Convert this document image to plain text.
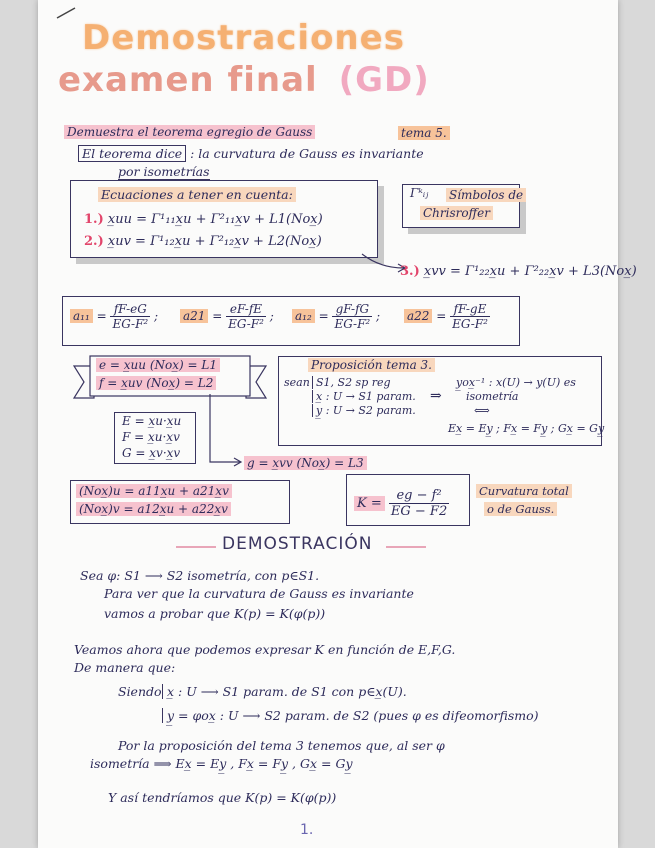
Demostraciones
examen final (GD)
Demuestra el teorema egregio de Gauss	tema 5.
El teorema dice : la curvatura de Gauss es invariante
por isometrías
Ecuaciones a tener en cuenta:
1.) x̲uu = Γ¹₁₁x̲u + Γ²₁₁x̲v + L1(Nox̲)
2.) x̲uv = Γ¹₁₂x̲u + Γ²₁₂x̲v + L2(Nox̲)
Γᵏᵢⱼ Símbolos de
Chrisroffer
3.) x̲vv = Γ¹₂₂x̲u + Γ²₂₂x̲v + L3(Nox̲)
$a_{11} = \frac{fF-eG}{\text{EG-F²}}$ ; $a21 = \frac{eF-fE}{\text{EG-F²}}$ ; $a_{12} = \frac{gF-fG}{\text{EG-F²}}$ ; $a22 = \frac{fF-gE}{\text{EG-F²}}$
e = x̲uu (Nox̲) = L1
f = x̲uv (Nox̲) = L2
E = x̲u·x̲u
F = x̲u·x̲v
G = x̲v·x̲v
g = x̲vv (Nox̲) = L3
Proposición tema 3.
sean S1, S2 sp reg
x̲ : U → S1 param.
y̲ : U → S2 param.
⇒
y̲ox̲⁻¹ : x(U) → y(U) es
isometría
⟺
Ex̲ = Ey̲ ; Fx̲ = Fy̲ ; Gx̲ = Gy̲
(Nox̲)u = a11x̲u + a21x̲v
(Nox̲)v = a12x̲u + a22x̲v	$K = \frac{\text{eg − f²}}{EG - F2}$	Curvatura total
o de Gauss.
DEMOSTRACIÓN
Sea φ: S1 ⟶ S2 isometría, con p∈S1.
Para ver que la curvatura de Gauss es invariante
vamos a probar que K(p) = K(φ(p))
Veamos ahora que podemos expresar K en función de E,F,G.
De manera que:
Siendo x̲ : U ⟶ S1 param. de S1 con p∈x̲(U).
y̲ = φox̲ : U ⟶ S2 param. de S2 (pues φ es difeomorfismo)
Por la proposición del tema 3 tenemos que, al ser φ
isometría ⟹ Ex̲ = Ey̲ , Fx̲ = Fy̲ , Gx̲ = Gy̲
Y así tendríamos que K(p) = K(φ(p))
1.
